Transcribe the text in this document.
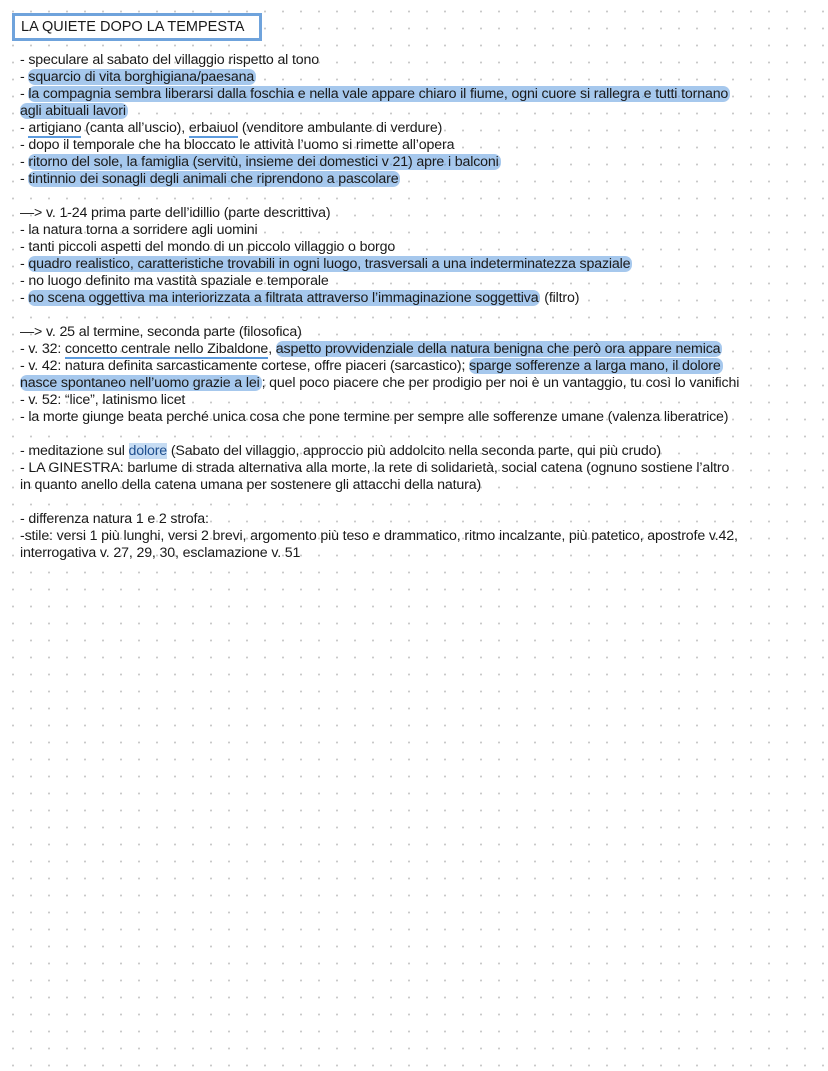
LA QUIETE DOPO LA TEMPESTA
- speculare al sabato del villaggio rispetto al tono
- squarcio di vita borghigiana/paesana
- la compagnia sembra liberarsi dalla foschia e nella vale appare chiaro il fiume, ogni cuore si rallegra e tutti tornano
agli abituali lavori
- artigiano (canta all’uscio), erbaiuol (venditore ambulante di verdure)
- dopo il temporale che ha bloccato le attività l’uomo si rimette all’opera
- ritorno del sole, la famiglia (servitù, insieme dei domestici v 21) apre i balconi
- tintinnio dei sonagli degli animali che riprendono a pascolare
—> v. 1-24 prima parte dell’idillio (parte descrittiva)
- la natura torna a sorridere agli uomini
- tanti piccoli aspetti del mondo di un piccolo villaggio o borgo
- quadro realistico, caratteristiche trovabili in ogni luogo, trasversali a una indeterminatezza spaziale
- no luogo definito ma vastità spaziale e temporale
- no scena oggettiva ma interiorizzata a filtrata attraverso l’immaginazione soggettiva (filtro)
—> v. 25 al termine, seconda parte (filosofica)
- v. 32: concetto centrale nello Zibaldone, aspetto provvidenziale della natura benigna che però ora appare nemica
- v. 42: natura definita sarcasticamente cortese, offre piaceri (sarcastico); sparge sofferenze a larga mano, il dolore
nasce spontaneo nell’uomo grazie a lei ; quel poco piacere che per prodigio per noi è un vantaggio, tu così lo vanifichi
- v. 52: “lice”, latinismo licet
- la morte giunge beata perché unica cosa che pone termine per sempre alle sofferenze umane (valenza liberatrice)
- meditazione sul dolore (Sabato del villaggio, approccio più addolcito nella seconda parte, qui più crudo)
- LA GINESTRA: barlume di strada alternativa alla morte, la rete di solidarietà, social catena (ognuno sostiene l’altro
in quanto anello della catena umana per sostenere gli attacchi della natura)
- differenza natura 1 e 2 strofa:
-stile: versi 1 più lunghi, versi 2 brevi, argomento più teso e drammatico, ritmo incalzante, più patetico, apostrofe v.42,
interrogativa v. 27, 29, 30, esclamazione v. 51
